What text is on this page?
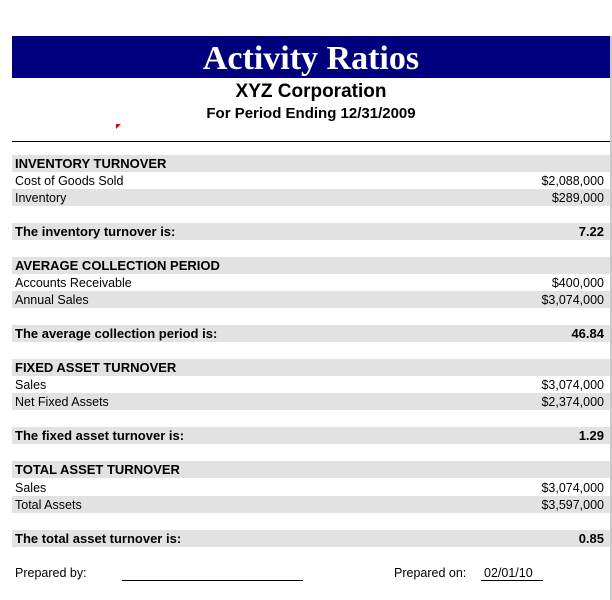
Activity Ratios
XYZ Corporation
For Period Ending 12/31/2009
INVENTORY TURNOVER
Cost of Goods Sold	$2,088,000
Inventory	$289,000
The inventory turnover is:	7.22
AVERAGE COLLECTION PERIOD
Accounts Receivable	$400,000
Annual Sales	$3,074,000
The average collection period is:	46.84
FIXED ASSET TURNOVER
Sales	$3,074,000
Net Fixed Assets	$2,374,000
The fixed asset turnover is:	1.29
TOTAL ASSET TURNOVER
Sales	$3,074,000
Total Assets	$3,597,000
The total asset turnover is:	0.85
Prepared by:	Prepared on: 02/01/10
